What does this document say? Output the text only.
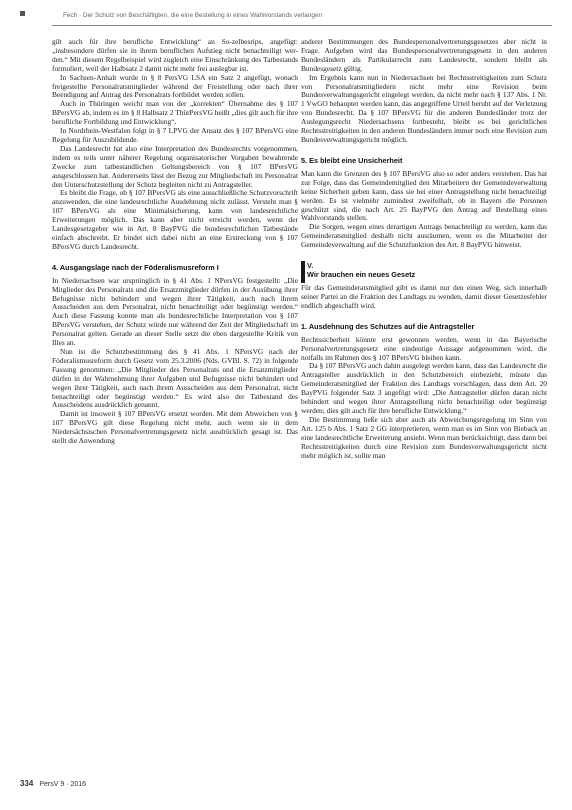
Fech · Der Schutz von Beschäftigten, die eine Bestellung in eines Wahlvorstands verlangen

gilt auch für ihre berufliche Entwicklung“ an So-zelbesrips, angefügt: „insbesondere dürfen sie in ihrem beruflichen Aufstieg nicht benachteiligt wer-den.“ Mit diesem Regelbeispiel wird zugleich eine Einschränkung des Tatbestands formuliert, weil der Halbsatz 2 damit nicht mehr frei auslegbar ist.

In Sachsen-Anhalt wurde in § 8 PersVG LSA ein Satz 2 angefügt, wonach freigestellte Personalratsmitglieder während der Freistellung oder nach ihrer Beendigung auf Antrag des Personalrats fortbildet werden sollen.

Auch in Thüringen weicht man von der „korrekten“ Übernahme des § 107 BPersVG ab, indem es im § 8 Halbsatz 2 ThürPersVG heißt „dies gilt auch für ihre berufliche Fortbildung und Entwicklung“.

In Nordrhein-Westfalen folgt in § 7 LPVG der Ansatz des § 107 BPersVG eine Regelung für Auszubildende.

Das Landesrecht hat also eine Interpretation des Bundesrechts vorgenommen, indem es teils unter näherer Regelung organisatorischer Vorgaben bewahrende Zwecke zum tatbestandlichen Geltungsbereich von § 107 BPersVG ausgeschlossen hat. Andererseits lässt der Bezug zur Mitgliedschaft im Personalrat den Unterschutzstellung der Schutz begleiten nicht zu Antragsteller.

Es bleibt die Frage, ob § 107 BPersVG als eine ausschließliche Schutzvorschrift anzuwenden, die eine landesrechtliche Ausdehnung nicht zulässt. Versteht man § 107 BPersVG als eine Minimalsicherung, kann von landesrechtliche Erweiterungen möglich. Das kann aber nicht erreicht werden, wenn der Landesgesetzgeber wie in Art. 8 BayPVG die bundesrechtlichen Tatbestände einfach abschreibt. Er bindet sich dabei nicht an eine Erstreckung von § 107 BPersVG durch Landesrecht.

4. Ausgangslage nach der Föderalismusreform I

In Niedersachsen war ursprünglich in § 41 Abs. 1 NPersVG festgestellt: „Die Mitglieder des Personalrats und die Ersatzmitglieder dürfen in der Ausübung ihrer Befugnisse nicht behindert und wegen ihrer Tätigkeit, auch nach ihrem Ausscheiden aus dem Personalrat, nicht benachteiligt oder begünstigt werden.“ Auch diese Fassung konnte man als bundesrechtliche Interpretation von § 107 BPersVG verstehen, der Schutz würde nur während der Zeit der Mitgliedschaft im Personalrat gelten. Gerade an dieser Stelle setzt die eben dargestellte Kritik von Illes an.

Nun ist die Schutzbestimmung des § 41 Abs. 1 NPersVG nach der Föderalismusreform durch Gesetz vom 25.3.2006 (Nds. GVBl. S. 72) in folgende Fassung genommen: „Die Mitglieder des Personalrats und die Ersatzmitglieder dürfen in der Wahrnehmung ihrer Aufgaben und Befugnisse nicht behindert und wegen ihrer Tätigkeit, auch nach ihrem Ausscheiden aus dem Personalrat, nicht benachteiligt oder begünstigt werden.“ Es wird also der Tatbestand des Ausscheidens ausdrücklich genannt.

Damit ist insoweit § 107 BPersVG ersetzt worden. Mit dem Abweichen von § 107 BPersVG gilt diese Regelung nicht mehr, auch wenn sie in dem Niedersächsischen Personalvertretungsgesetz nicht ausdrücklich gesagt ist. Das stellt die Anwendung

anderer Bestimmungen des Bundespersonalvertretungsgesetzes aber nicht in Frage. Aufgeben wird das Bundespersonalvertretungsgesetz in den anderen Bundesländern als Partikularrecht zum Landesrecht, sondern bleibt als Bundesgesetz gültig.

Im Ergebnis kann nun in Niedersachsen bei Rechtsstreitigkeiten zum Schutz von Personalratsmitgliedern nicht mehr eine Revision beim Bundesverwaltungsgericht eingelegt werden, da nicht mehr nach § 137 Abs. 1 Nr. 1 VwGO behauptet werden kann, das angegriffene Urteil beruht auf der Verletzung von Bundesrecht. Da § 107 BPersVG für die anderen Bundesländer trotz der Auslegungsrecht Niedersachsens fortbesteht, bleibt es bei gerichtlichen Rechtsstreitigkeiten in den anderen Bundesländern immer noch eine Revision zum Bundesverwaltungsgericht möglich.

5. Es bleibt eine Unsicherheit

Man kann die Grenzen des § 107 BPersVG also so oder anders verstehen. Das hat zur Folge, dass das Gemeindemitglied den Mitarbeitern der Gemeindeverwaltung keine Sicherheit geben kann, dass sie bei einer Antragstellung nicht benachteiligt werden. Es ist vielmehr zumindest zweifelhaft, ob in Bayern die Personen geschützt sind, die nach Art. 25 BayPVG den Antrag auf Bestellung eines Wahlvorstands stellen.

Die Sorgen, wegen eines derartigen Antrags benachteiligt zu werden, kann das Gemeinderatsmitglied deshalb nicht ausräumen, wenn es die Mitarbeiter der Gemeindeverwaltung auf die Schutzfunktion des Art. 8 BayPVG hinweist.

V.
Wir brauchen ein neues Gesetz

Für das Gemeinderatsmitglied gibt es damit nur den einen Weg, sich innerhalb seiner Partei an die Fraktion des Landtags zu wenden, damit dieser Gesetzesfehler endlich abgeschafft wird.

1. Ausdehnung des Schutzes auf die Antragsteller

Rechtssicherheit könnte erst gewonnen werden, wenn in das Bayerische Personalvertretungsgesetz eine eindeutige Aussage aufgenommen wird, die notfalls im Rahmen des § 107 BPersVG bleiben kann.

Da § 107 BPersVG auch dahin ausgelegt werden kann, dass das Landesrecht die Antragsteller ausdrücklich in den Schutzbereich einbezieht, müsste das Gemeinderatsmitglied der Fraktion des Landtags vorschlagen, dass dem Art. 20 BayPVG folgender Satz 3 angefügt wird: „Die Antragsteller dürfen daran nicht behindert und wegen ihrer Antragstellung nicht benachteiligt oder begünstigt werden; dies gilt auch für ihre berufliche Entwicklung.“

Die Bestimmung ließe sich aber auch als Abweichungsregelung im Sinn von Art. 125 b Abs. 1 Satz 2 GG interpretieren, wenn man es im Sinn von Bieback an eine landesrechtliche Erweiterung ansieht. Wenn man berücksichtigt, dass dann bei Rechtsstreitigkeiten durch eine Revision zum Bundesverwaltungsgericht nicht mehr möglich ist, sollte man

334 PersV 9 · 2016
